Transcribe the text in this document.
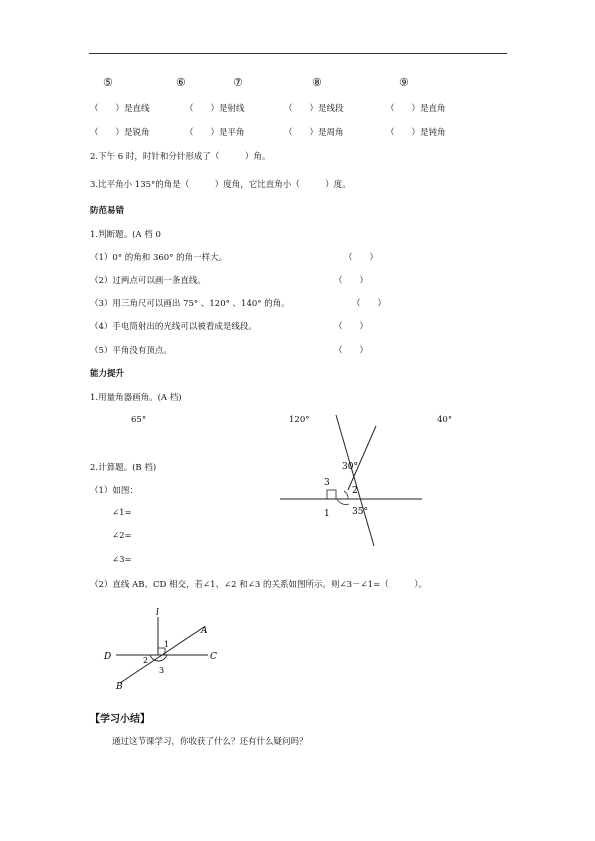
⑤	⑥	⑦	⑧	⑨
（　　）是直线	（　　）是射线	（　　）是线段	（　　）是直角
（　　）是锐角	（　　）是平角	（　　）是周角	（　　）是钝角
2.下午 6 时，时针和分针形成了（　　　）角。
3.比平角小 135°的角是（　　　）度角，它比直角小（　　　）度。
防范易错
1.判断题。(A 档 0
（1）0° 的角和 360° 的角一样大。	（　　）
（2）过两点可以画一条直线。	（　　）
（3）用三角尺可以画出 75° 、120° 、140° 的角。	（　　）
（4）手电筒射出的光线可以被看成是线段。	（　　）
（5）平角没有顶点。	（　　）
能力提升
1.用量角器画角。(A 档)
65°	120°	40°
2.计算题。(B 档)
（1）如图：
∠1=
∠2=
∠3=
30°
3
2
1 35°
（2）直线 AB、CD 相交，若∠1、∠2 和∠3 的关系如图所示。则∠3－∠1=（　　　）。
l
A
D	C
B
1
2
3
【学习小结】
通过这节课学习，你收获了什么？还有什么疑问吗？
